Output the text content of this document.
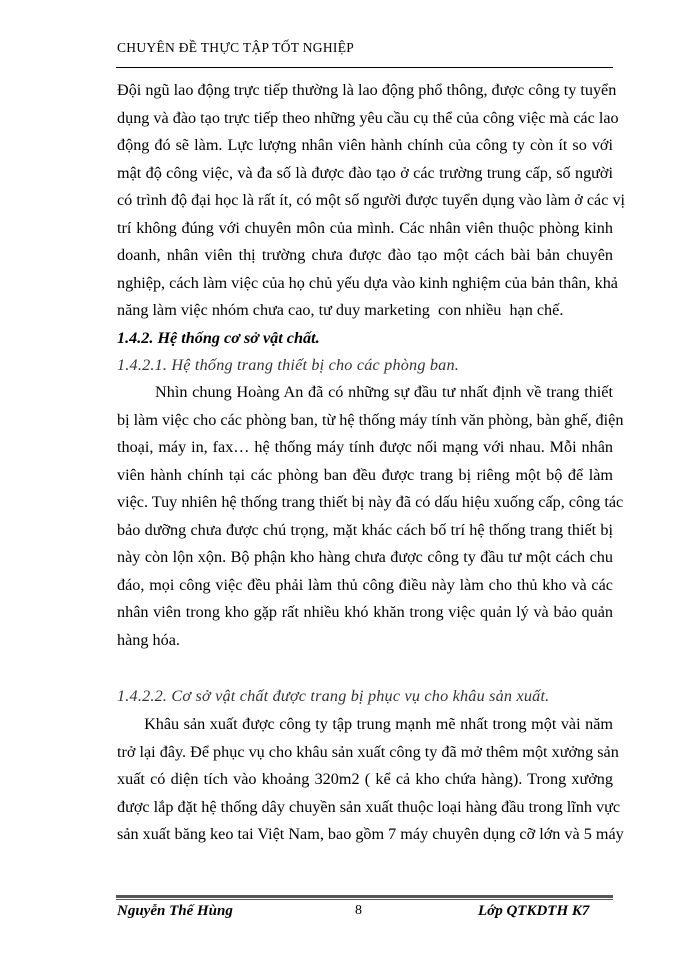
CHUYÊN ĐỀ THỰC TẬP TỐT NGHIỆP
Đội ngũ lao động trực tiếp thường là lao động phổ thông, được công ty tuyển
dụng và đào tạo trực tiếp theo những yêu cầu cụ thể của công việc mà các lao
động đó sẽ làm. Lực lượng nhân viên hành chính của công ty còn ít so với
mật độ công việc, và đa số là được đào tạo ở các trường trung cấp, số người
có trình độ đại học là rất ít, có một số người được tuyển dụng vào làm ở các vị
trí không đúng với chuyên môn của mình. Các nhân viên thuộc phòng kinh
doanh, nhân viên thị trường chưa được đào tạo một cách bài bản chuyên
nghiệp, cách làm việc của họ chủ yếu dựa vào kinh nghiệm của bản thân, khả
năng làm việc nhóm chưa cao, tư duy marketing  con nhiều  hạn chế.
1.4.2. Hệ thống cơ sở vật chất.
1.4.2.1. Hệ thống trang thiết bị cho các phòng ban.
Nhìn chung Hoàng An đã có những sự đầu tư nhất định về trang thiết
bị làm việc cho các phòng ban, từ hệ thống máy tính văn phòng, bàn ghế, điện
thoại, máy in, fax… hệ thống máy tính được nối mạng với nhau. Mỗi nhân
viên hành chính tại các phòng ban đều được trang bị riêng một bộ để làm
việc. Tuy nhiên hệ thống trang thiết bị này đã có dấu hiệu xuống cấp, công tác
bảo dưỡng chưa được chú trọng, mặt khác cách bố trí hệ thống trang thiết bị
này còn lộn xộn. Bộ phận kho hàng chưa được công ty đầu tư một cách chu
đáo, mọi công việc đều phải làm thủ công điều này làm cho thủ kho và các
nhân viên trong kho gặp rất nhiều khó khăn trong việc quản lý và bảo quản
hàng hóa.
1.4.2.2. Cơ sở vật chất được trang bị phục vụ cho khâu sản xuất.
Khâu sản xuất được công ty tập trung mạnh mẽ nhất trong một vài năm
trở lại đây. Để phục vụ cho khâu sản xuất công ty đã mở thêm một xưởng sản
xuất có diện tích vào khoảng 320m2 ( kể cả kho chứa hàng). Trong xưởng
được lắp đặt hệ thống dây chuyền sản xuất thuộc loại hàng đầu trong lĩnh vực
sản xuất băng keo tai Việt Nam, bao gồm 7 máy chuyên dụng cỡ lớn và 5 máy
Nguyễn Thế Hùng	8	Lớp QTKDTH K7
